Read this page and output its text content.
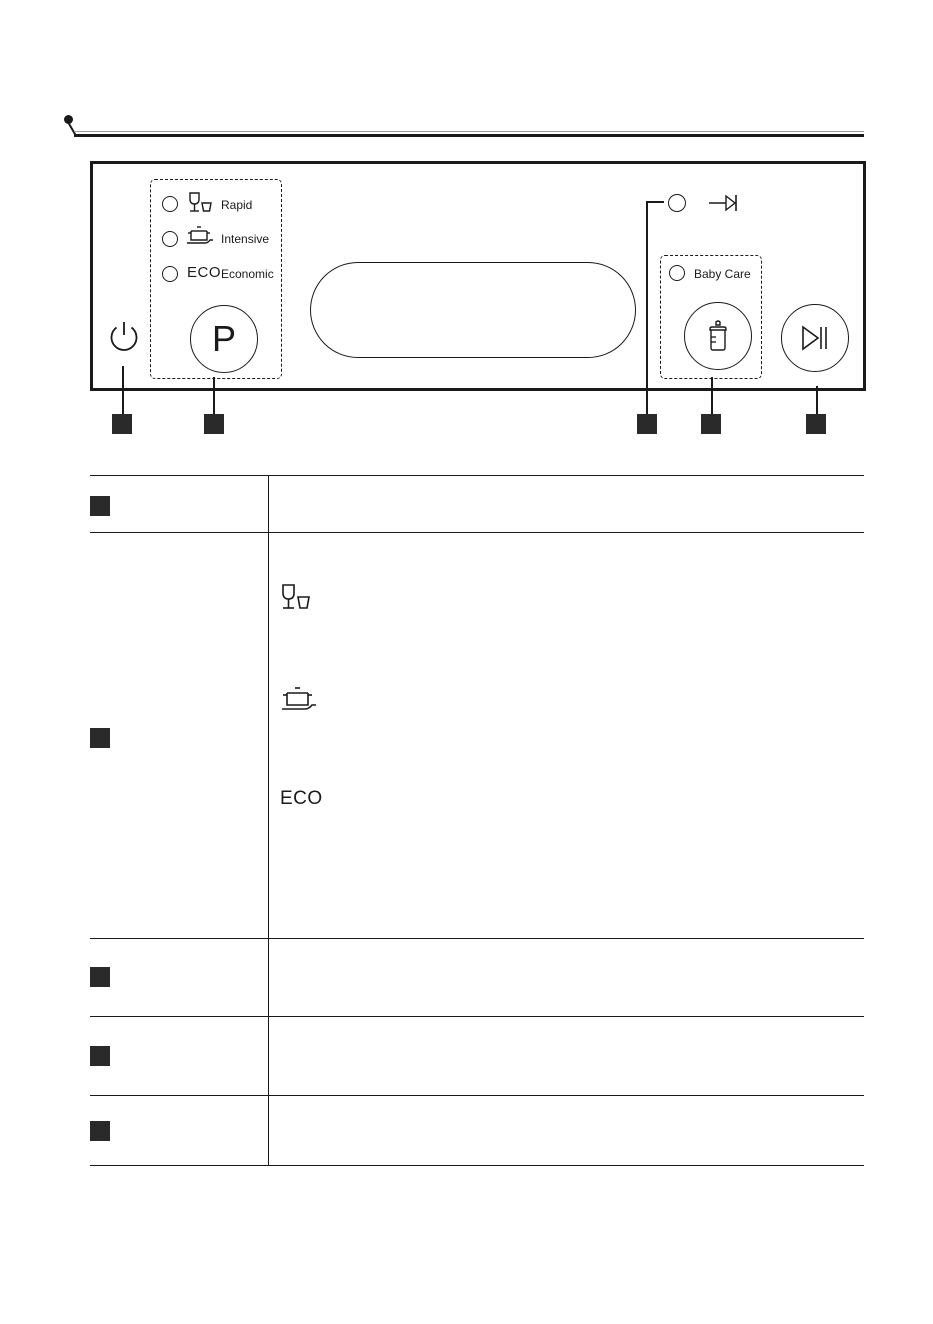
Rapid
Intensive
ECO Economic
P
Baby Care
ECO
